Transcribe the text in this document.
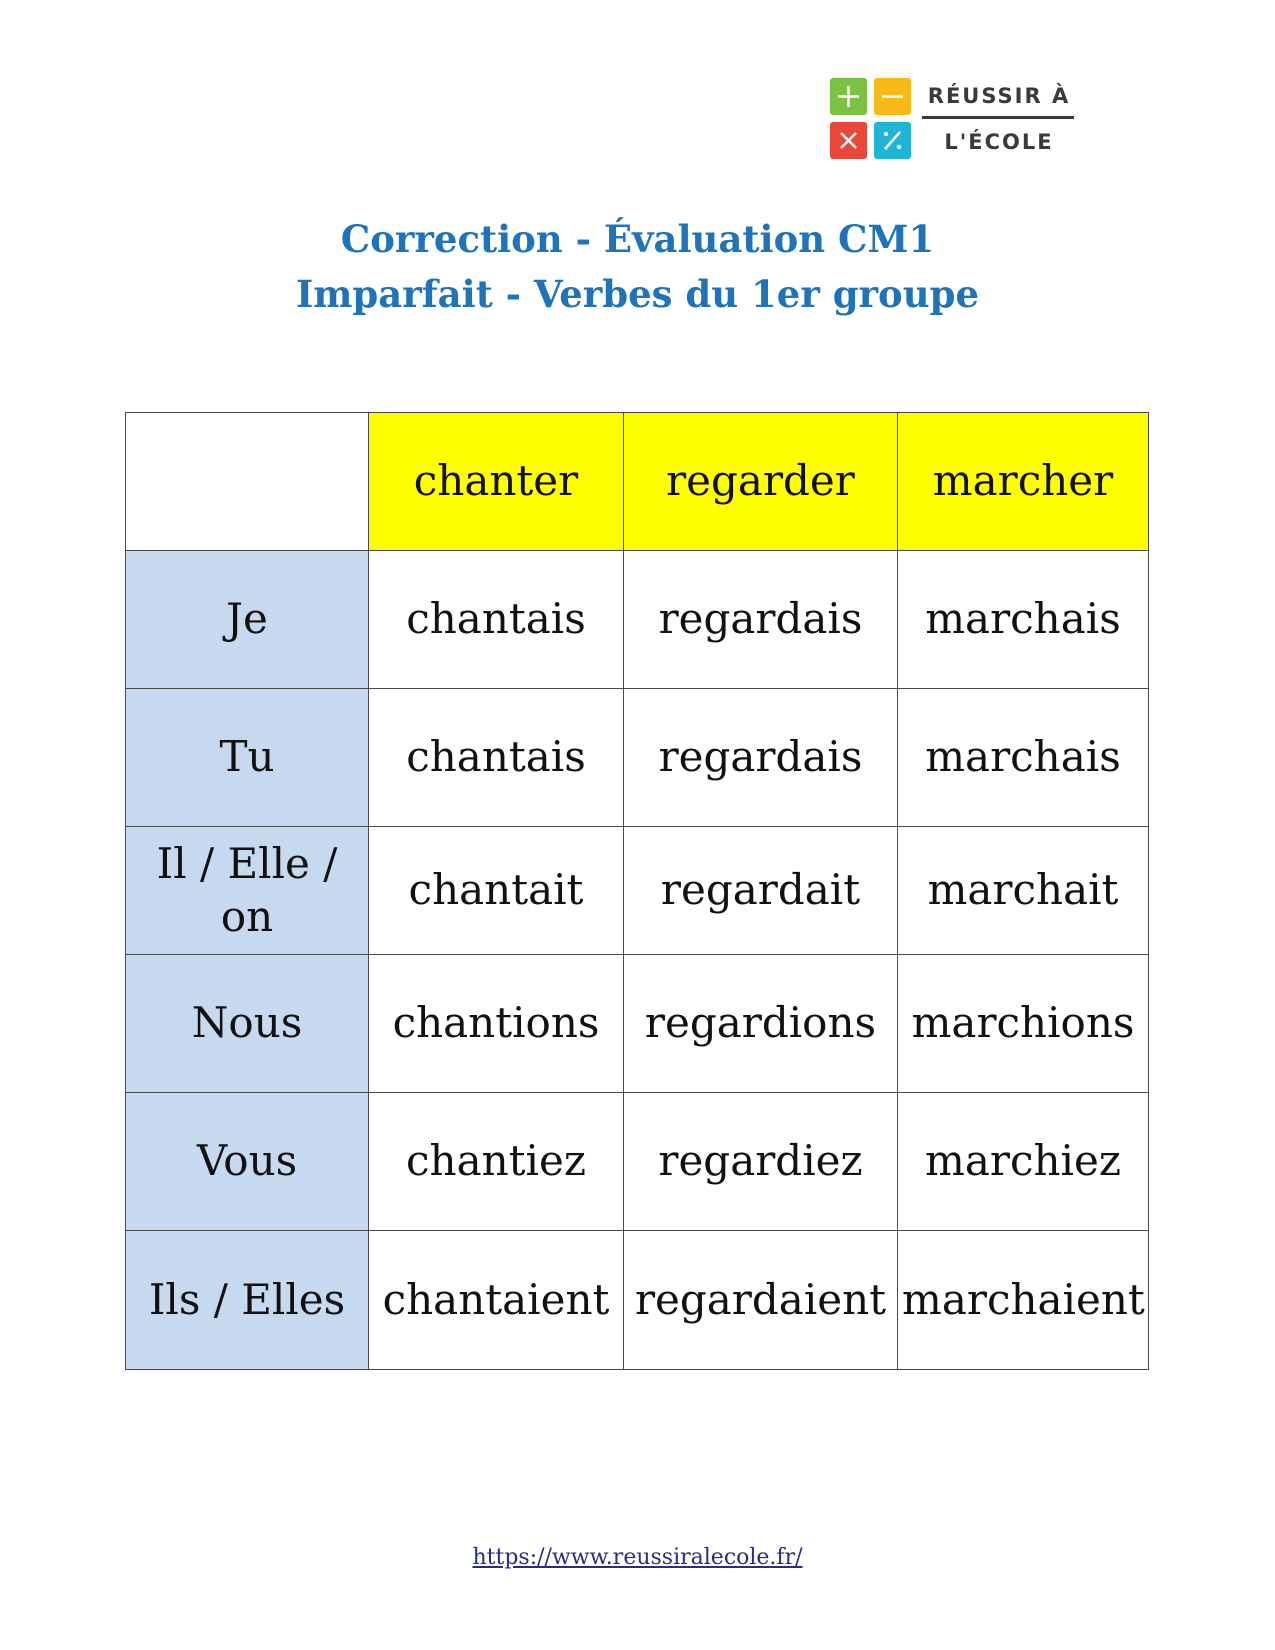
RÉUSSIR À
L'ÉCOLE
Correction - Évaluation CM1
Imparfait - Verbes du 1er groupe
	chanter	regarder	marcher
Je	chantais	regardais	marchais
Tu	chantais	regardais	marchais
Il / Elle / on	chantait	regardait	marchait
Nous	chantions	regardions	marchions
Vous	chantiez	regardiez	marchiez
Ils / Elles	chantaient	regardaient	marchaient
https://www.reussiralecole.fr/
